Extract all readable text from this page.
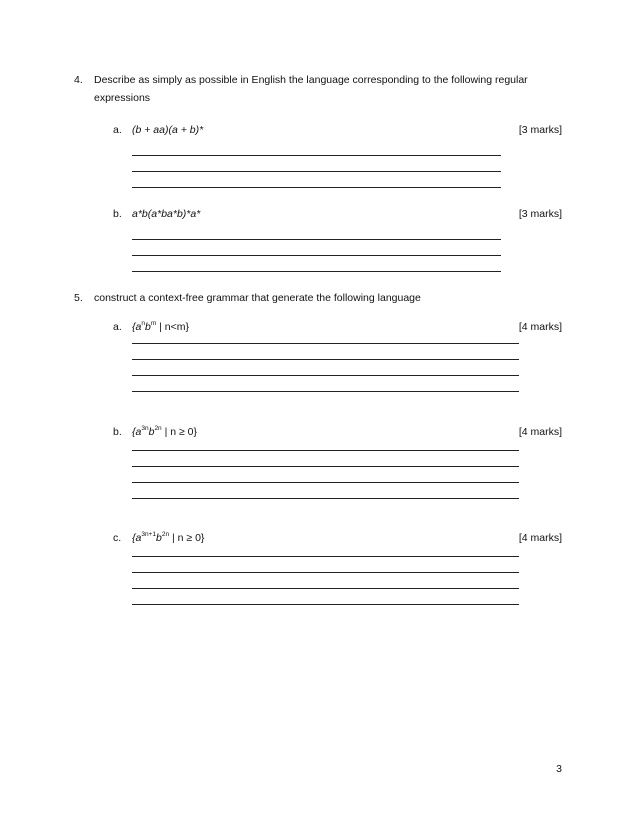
4. Describe as simply as possible in English the language corresponding to the following regular expressions
a. (b + aa)(a + b)*	[3 marks]
b. a*b(a*ba*b)*a*	[3 marks]
5. construct a context-free grammar that generate the following language
a. {$a^nb^m$ | n<m}	[4 marks]
b. {$a^{3n}b^{2n}$ | n ≥ 0}	[4 marks]
c. {$a^{3n+1}b^{2n}$ | n ≥ 0}	[4 marks]
3
